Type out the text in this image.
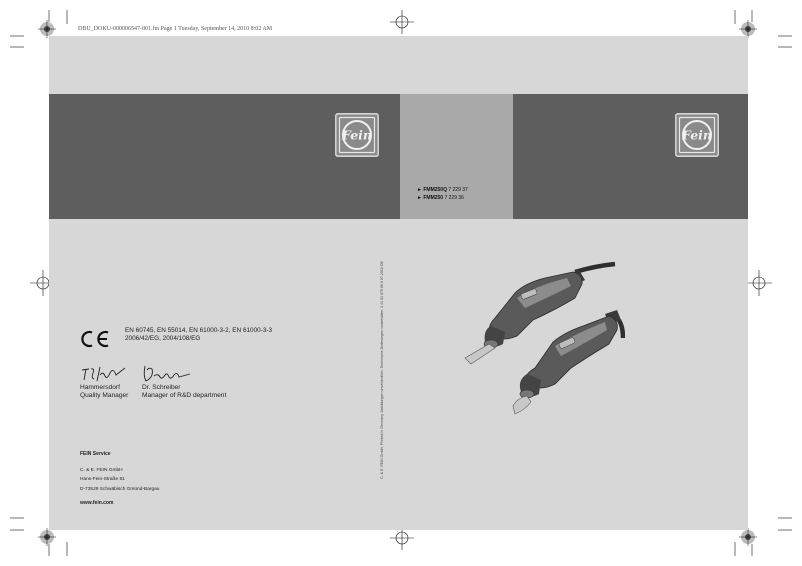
DBU_DOKU-000006547-001.fm Page 1 Tuesday, September 14, 2010 8:02 AM
Fein	Fein
► FMM250Q 7 229 37
► FMM250 7 229 36
EN 60745, EN 55014, EN 61000-3-2, EN 61000-3-3
2006/42/EG, 2004/108/EG
Hammersdorf
Quality Manager
Dr. Schreiber
Manager of R&D department
FEIN Service
C. & E. FEIN GmbH
Hans-Fein-Straße 81
D-73529 Schwäbisch Gmünd-Bargau
www.fein.com
C. & E. FEIN GmbH, Printed in Germany. Abbildungen unverbindlich. Technische Änderungen vorbehalten. 3 41 01 079 06 0 07.2010 DE
